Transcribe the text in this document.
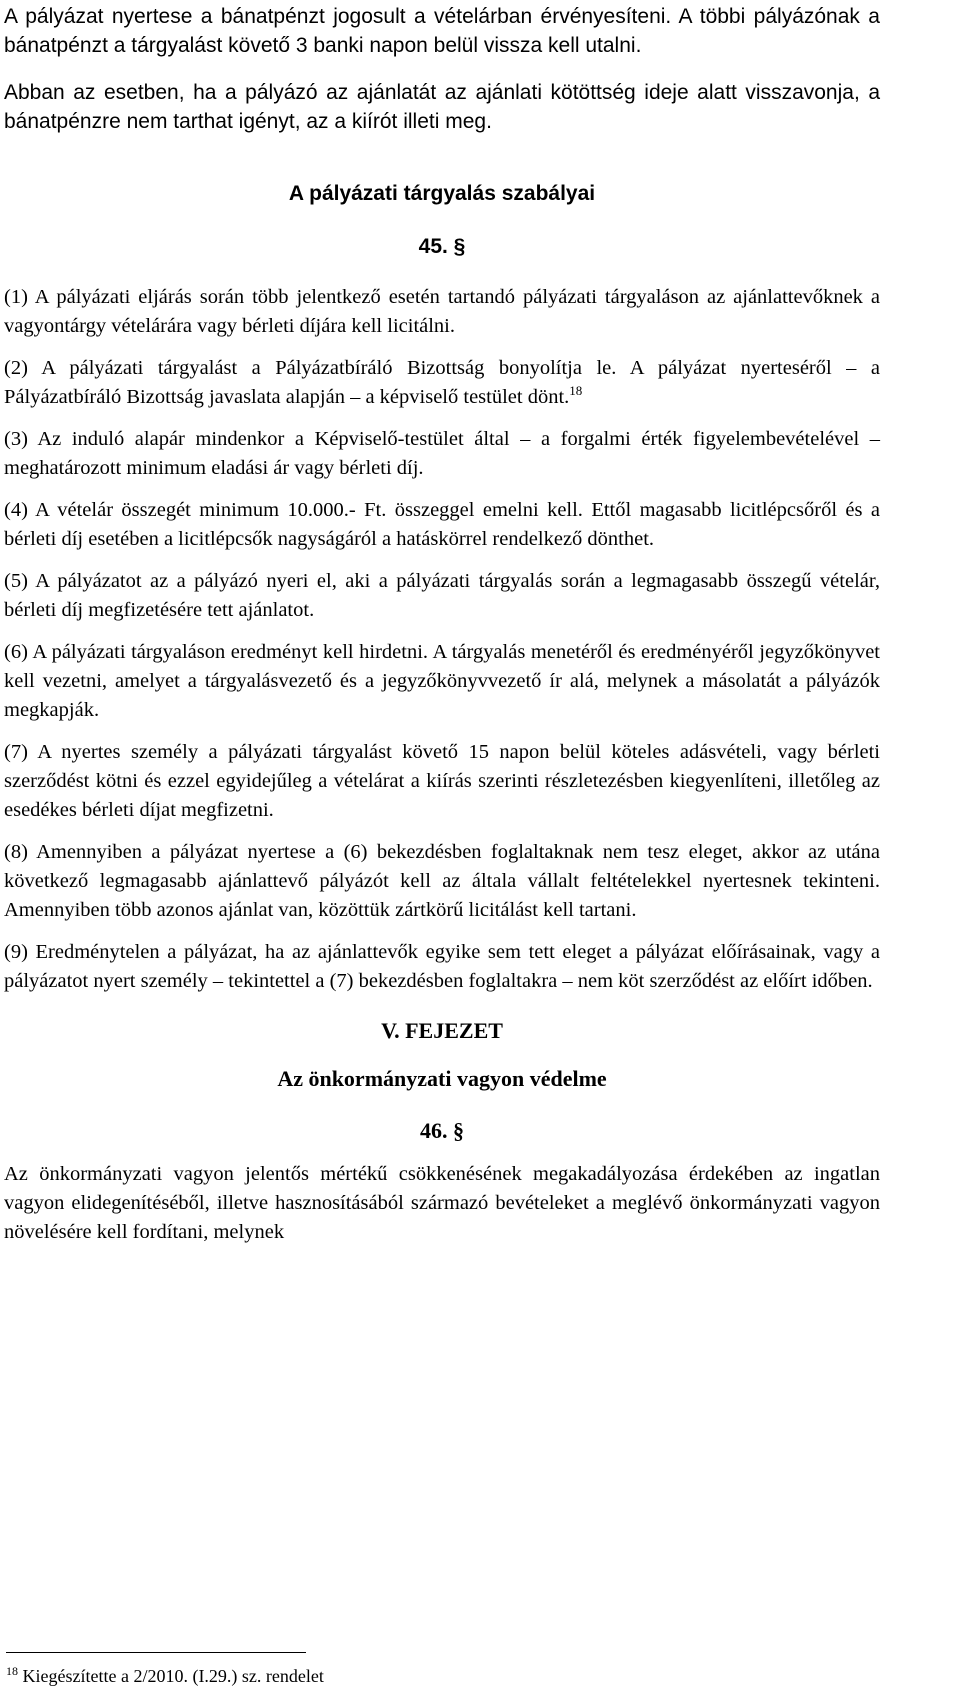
A pályázat nyertese a bánatpénzt jogosult a vételárban érvényesíteni. A többi pályázónak a bánatpénzt a tárgyalást követő 3 banki napon belül vissza kell utalni.

Abban az esetben, ha a pályázó az ajánlatát az ajánlati kötöttség ideje alatt visszavonja, a bánatpénzre nem tarthat igényt, az a kiírót illeti meg.

A pályázati tárgyalás szabályai

45. §

(1) A pályázati eljárás során több jelentkező esetén tartandó pályázati tárgyaláson az ajánlattevőknek a vagyontárgy vételárára vagy bérleti díjára kell licitálni.

(2) A pályázati tárgyalást a Pályázatbíráló Bizottság bonyolítja le. A pályázat nyerteséről – a Pályázatbíráló Bizottság javaslata alapján – a képviselő testület dönt.$^{18}$

(3) Az induló alapár mindenkor a Képviselő-testület által – a forgalmi érték figyelembevételével – meghatározott minimum eladási ár vagy bérleti díj.

(4) A vételár összegét minimum 10.000.- Ft. összeggel emelni kell. Ettől magasabb licitlépcsőről és a bérleti díj esetében a licitlépcsők nagyságáról a hatáskörrel rendelkező dönthet.

(5) A pályázatot az a pályázó nyeri el, aki a pályázati tárgyalás során a legmagasabb összegű vételár, bérleti díj megfizetésére tett ajánlatot.

(6) A pályázati tárgyaláson eredményt kell hirdetni. A tárgyalás menetéről és eredményéről jegyzőkönyvet kell vezetni, amelyet a tárgyalásvezető és a jegyzőkönyvvezető ír alá, melynek a másolatát a pályázók megkapják.

(7) A nyertes személy a pályázati tárgyalást követő 15 napon belül köteles adásvételi, vagy bérleti szerződést kötni és ezzel egyidejűleg a vételárat a kiírás szerinti részletezésben kiegyenlíteni, illetőleg az esedékes bérleti díjat megfizetni.

(8) Amennyiben a pályázat nyertese a (6) bekezdésben foglaltaknak nem tesz eleget, akkor az utána következő legmagasabb ajánlattevő pályázót kell az általa vállalt feltételekkel nyertesnek tekinteni. Amennyiben több azonos ajánlat van, közöttük zártkörű licitálást kell tartani.

(9) Eredménytelen a pályázat, ha az ajánlattevők egyike sem tett eleget a pályázat előírásainak, vagy a pályázatot nyert személy – tekintettel a (7) bekezdésben foglaltakra – nem köt szerződést az előírt időben.

V. FEJEZET

Az önkormányzati vagyon védelme

46. §

Az önkormányzati vagyon jelentős mértékű csökkenésének megakadályozása érdekében az ingatlan vagyon elidegenítéséből, illetve hasznosításából származó bevételeket a meglévő önkormányzati vagyon növelésére kell fordítani, melynek

$^{18}$ Kiegészítette a 2/2010. (I.29.) sz. rendelet
